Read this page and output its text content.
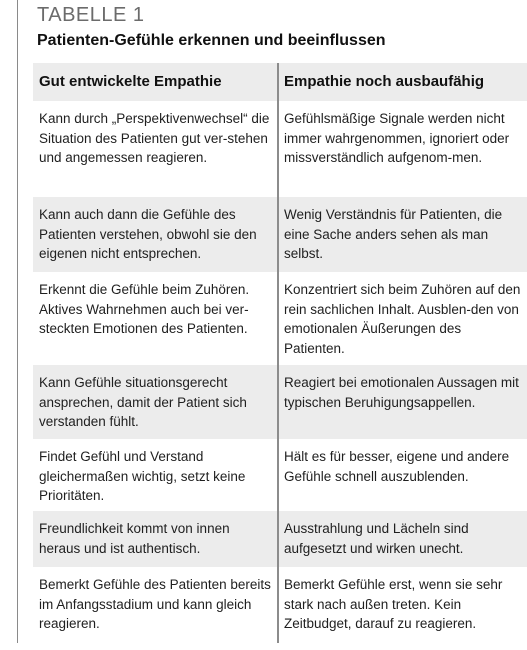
TABELLE 1
Patienten-Gefühle erkennen und beeinflussen
Gut entwickelte Empathie	Empathie noch ausbaufähig
Kann durch „Perspektivenwechsel“ die Situation des Patienten gut ver-stehen und angemessen reagieren.
Gefühlsmäßige Signale werden nicht immer wahrgenommen, ignoriert oder missverständlich aufgenom-men.
Kann auch dann die Gefühle des Patienten verstehen, obwohl sie den eigenen nicht entsprechen.
Wenig Verständnis für Patienten, die eine Sache anders sehen als man selbst.
Erkennt die Gefühle beim Zuhören. Aktives Wahrnehmen auch bei ver-steckten Emotionen des Patienten.
Konzentriert sich beim Zuhören auf den rein sachlichen Inhalt. Ausblen-den von emotionalen Äußerungen des Patienten.
Kann Gefühle situationsgerecht ansprechen, damit der Patient sich verstanden fühlt.
Reagiert bei emotionalen Aussagen mit typischen Beruhigungsappellen.
Findet Gefühl und Verstand gleichermaßen wichtig, setzt keine Prioritäten.
Hält es für besser, eigene und andere Gefühle schnell auszublenden.
Freundlichkeit kommt von innen heraus und ist authentisch.
Ausstrahlung und Lächeln sind aufgesetzt und wirken unecht.
Bemerkt Gefühle des Patienten bereits im Anfangsstadium und kann gleich reagieren.
Bemerkt Gefühle erst, wenn sie sehr stark nach außen treten. Kein Zeitbudget, darauf zu reagieren.
